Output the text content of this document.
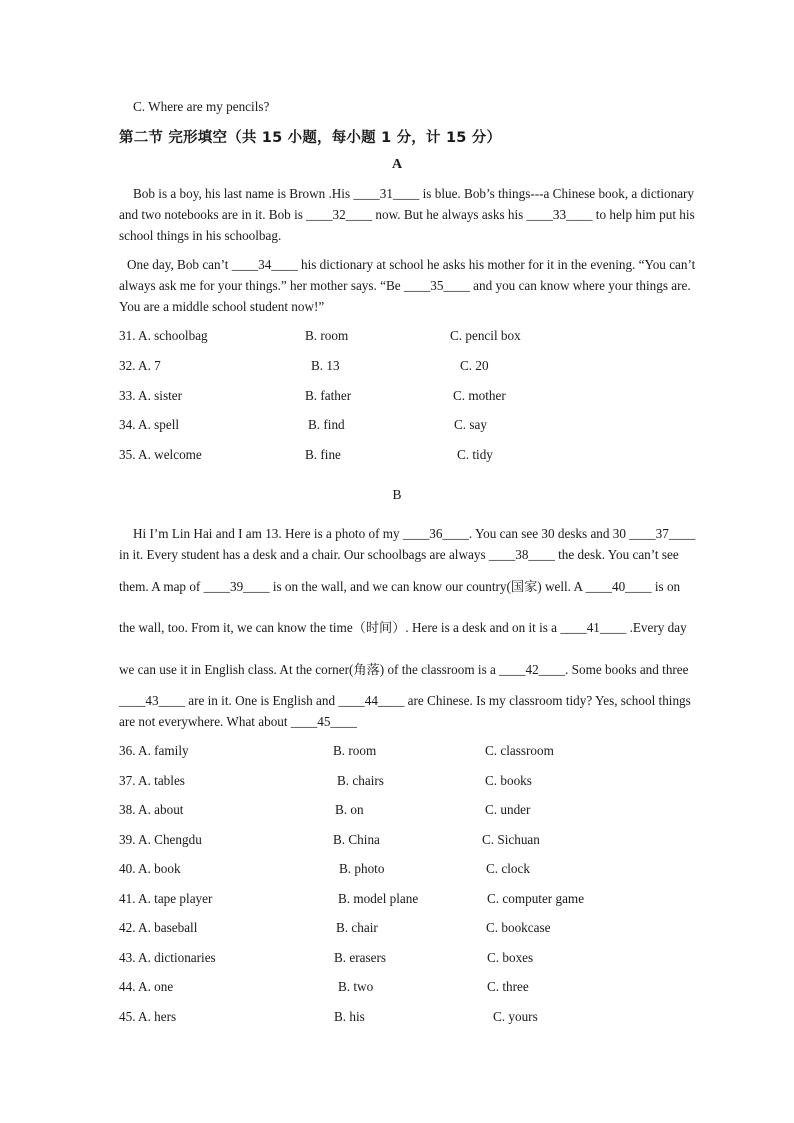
C. Where are my pencils?
第二节 完形填空（共 15 小题，每小题 1 分，计 15 分）
A
Bob is a boy, his last name is Brown .His ____31____ is blue. Bob’s things---a Chinese book, a dictionary
and two notebooks are in it. Bob is ____32____ now. But he always asks his ____33____ to help him put his
school things in his schoolbag.
One day, Bob can’t ____34____ his dictionary at school he asks his mother for it in the evening. “You can’t
always ask me for your things.” her mother says. “Be ____35____ and you can know where your things are.
You are a middle school student now!”
31. A. schoolbag	B. room	C. pencil box
32. A. 7	B. 13	C. 20
33. A. sister	B. father	C. mother
34. A. spell	B. find	C. say
35. A. welcome	B. fine	C. tidy
B
Hi I’m Lin Hai and I am 13. Here is a photo of my ____36____. You can see 30 desks and 30 ____37____
in it. Every student has a desk and a chair. Our schoolbags are always ____38____ the desk. You can’t see
them. A map of ____39____ is on the wall, and we can know our country(国家) well. A ____40____ is on
the wall, too. From it, we can know the time（时间）. Here is a desk and on it is a ____41____ .Every day
we can use it in English class. At the corner(角落) of the classroom is a ____42____. Some books and three
____43____ are in it. One is English and ____44____ are Chinese. Is my classroom tidy? Yes, school things
are not everywhere. What about ____45____
36. A. family	B. room	C. classroom
37. A. tables	B. chairs	C. books
38. A. about	B. on	C. under
39. A. Chengdu	B. China	C. Sichuan
40. A. book	B. photo	C. clock
41. A. tape player	B. model plane	C. computer game
42. A. baseball	B. chair	C. bookcase
43. A. dictionaries	B. erasers	C. boxes
44. A. one	B. two	C. three
45. A. hers	B. his	C. yours
